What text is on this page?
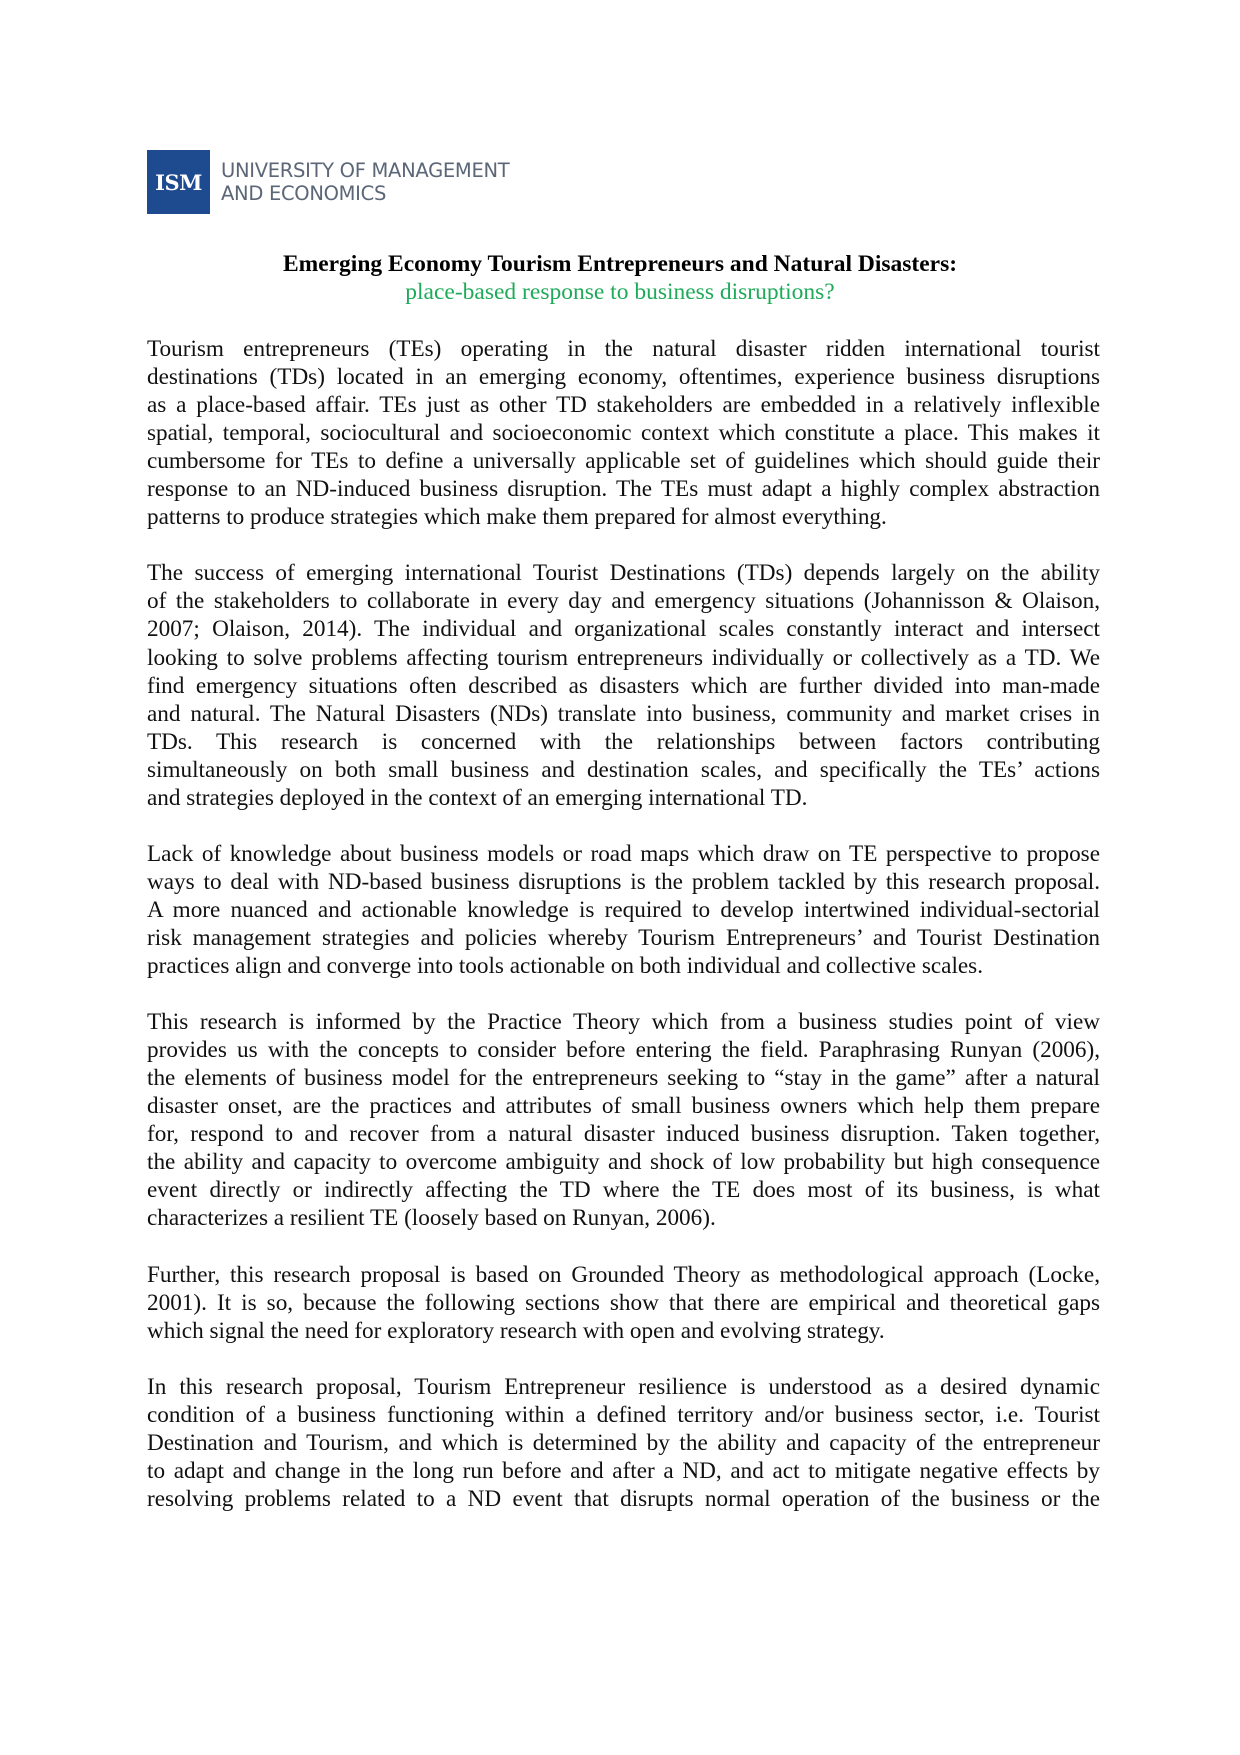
ISM UNIVERSITY OF MANAGEMENT
AND ECONOMICS
Emerging Economy Tourism Entrepreneurs and Natural Disasters:
place-based response to business disruptions?
Tourism entrepreneurs (TEs) operating in the natural disaster ridden international tourist
destinations (TDs) located in an emerging economy, oftentimes, experience business disruptions
as a place-based affair. TEs just as other TD stakeholders are embedded in a relatively inflexible
spatial, temporal, sociocultural and socioeconomic context which constitute a place. This makes it
cumbersome for TEs to define a universally applicable set of guidelines which should guide their
response to an ND-induced business disruption. The TEs must adapt a highly complex abstraction
patterns to produce strategies which make them prepared for almost everything.
The success of emerging international Tourist Destinations (TDs) depends largely on the ability
of the stakeholders to collaborate in every day and emergency situations (Johannisson & Olaison,
2007; Olaison, 2014). The individual and organizational scales constantly interact and intersect
looking to solve problems affecting tourism entrepreneurs individually or collectively as a TD. We
find emergency situations often described as disasters which are further divided into man-made
and natural. The Natural Disasters (NDs) translate into business, community and market crises in
TDs. This research is concerned with the relationships between factors contributing
simultaneously on both small business and destination scales, and specifically the TEs’ actions
and strategies deployed in the context of an emerging international TD.
Lack of knowledge about business models or road maps which draw on TE perspective to propose
ways to deal with ND-based business disruptions is the problem tackled by this research proposal.
A more nuanced and actionable knowledge is required to develop intertwined individual-sectorial
risk management strategies and policies whereby Tourism Entrepreneurs’ and Tourist Destination
practices align and converge into tools actionable on both individual and collective scales.
This research is informed by the Practice Theory which from a business studies point of view
provides us with the concepts to consider before entering the field. Paraphrasing Runyan (2006),
the elements of business model for the entrepreneurs seeking to “stay in the game” after a natural
disaster onset, are the practices and attributes of small business owners which help them prepare
for, respond to and recover from a natural disaster induced business disruption. Taken together,
the ability and capacity to overcome ambiguity and shock of low probability but high consequence
event directly or indirectly affecting the TD where the TE does most of its business, is what
characterizes a resilient TE (loosely based on Runyan, 2006).
Further, this research proposal is based on Grounded Theory as methodological approach (Locke,
2001). It is so, because the following sections show that there are empirical and theoretical gaps
which signal the need for exploratory research with open and evolving strategy.
In this research proposal, Tourism Entrepreneur resilience is understood as a desired dynamic
condition of a business functioning within a defined territory and/or business sector, i.e. Tourist
Destination and Tourism, and which is determined by the ability and capacity of the entrepreneur
to adapt and change in the long run before and after a ND, and act to mitigate negative effects by
resolving problems related to a ND event that disrupts normal operation of the business or the
